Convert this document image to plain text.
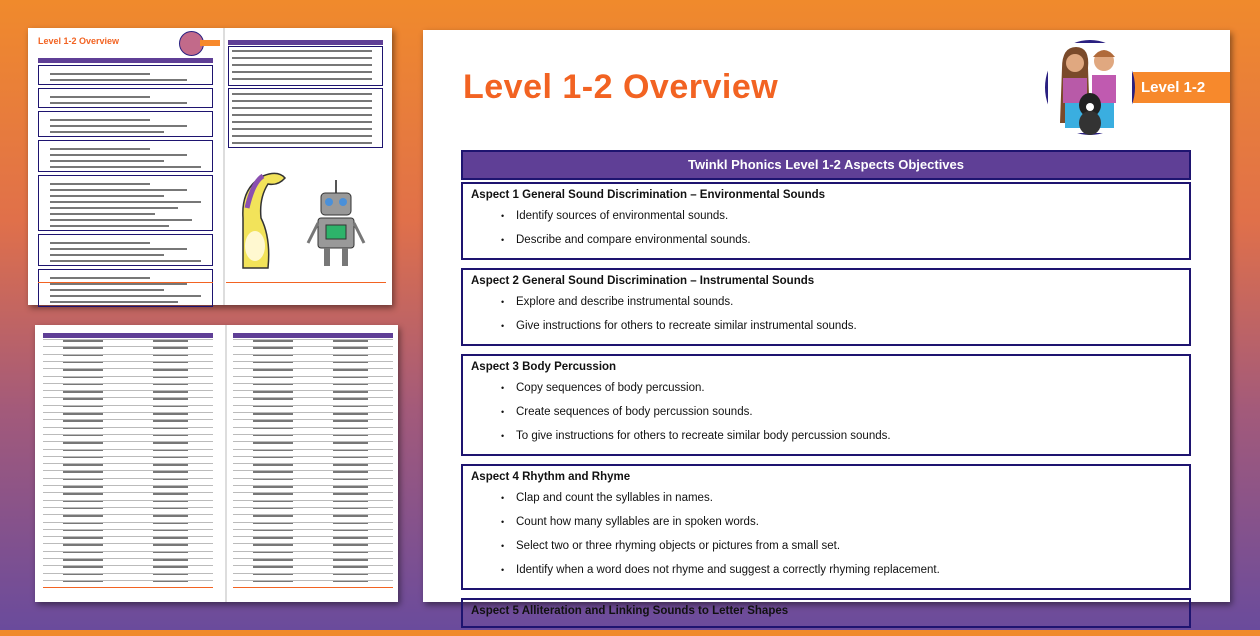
Level 1-2 Overview
Level 1-2 Overview	Level 1-2
Twinkl Phonics Level 1-2 Aspects Objectives
Aspect 1 General Sound Discrimination – Environmental Sounds
• Identify sources of environmental sounds.
• Describe and compare environmental sounds.
Aspect 2 General Sound Discrimination – Instrumental Sounds
• Explore and describe instrumental sounds.
• Give instructions for others to recreate similar instrumental sounds.
Aspect 3 Body Percussion
• Copy sequences of body percussion.
• Create sequences of body percussion sounds.
• To give instructions for others to recreate similar body percussion sounds.
Aspect 4 Rhythm and Rhyme
• Clap and count the syllables in names.
• Count how many syllables are in spoken words.
• Select two or three rhyming objects or pictures from a small set.
• Identify when a word does not rhyme and suggest a correctly rhyming replacement.
Aspect 5 Alliteration and Linking Sounds to Letter Shapes
